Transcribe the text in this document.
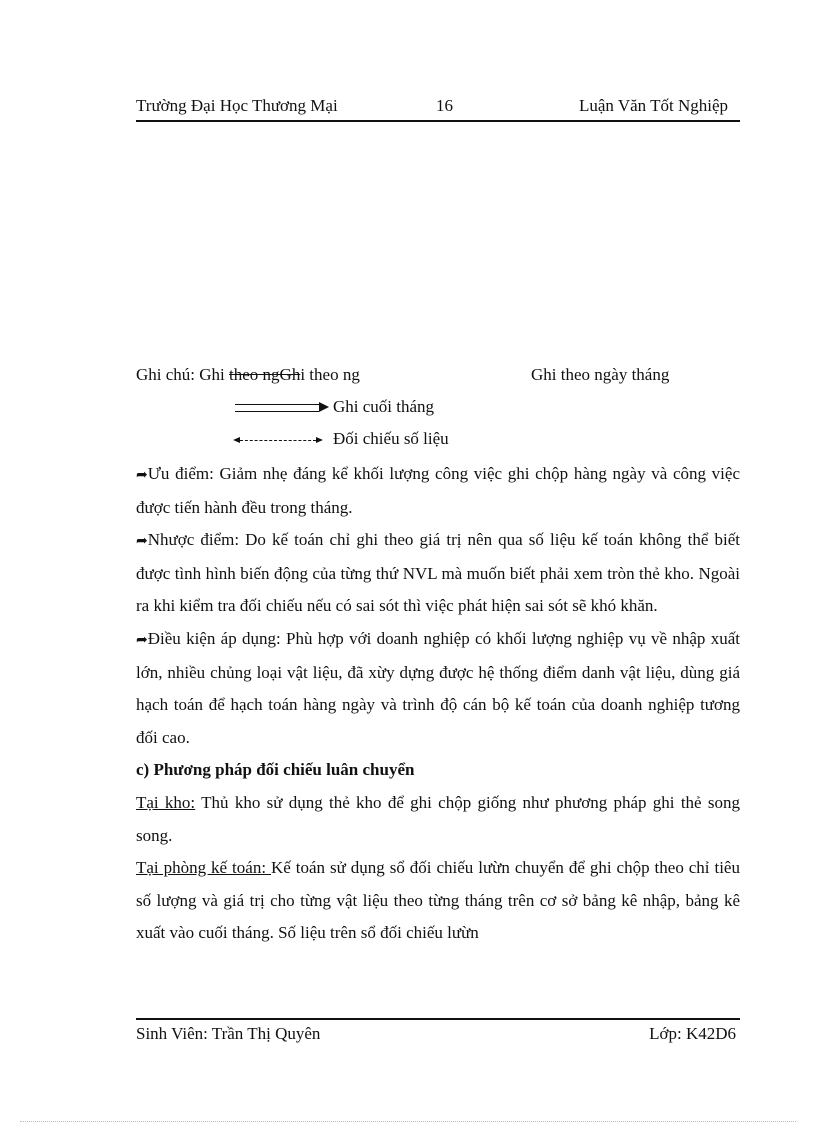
Trường Đại Học Thương Mại	16	Luận Văn Tốt Nghiệp
Ghi chú: Ghi theo ngGhi theo ng	Ghi theo ngày tháng
Ghi cuối tháng
Đối chiếu số liệu

➦Ưu điểm: Giảm nhẹ đáng kể khối lượng công việc ghi chộp hàng ngày và công việc được tiến hành đều trong tháng.

➦Nhược điểm: Do kế toán chỉ ghi theo giá trị nên qua số liệu kế toán không thể biết được tình hình biến động của từng thứ NVL mà muốn biết phải xem tròn thẻ kho. Ngoài ra khi kiểm tra đối chiếu nếu có sai sót thì việc phát hiện sai sót sẽ khó khăn.

➦Điều kiện áp dụng: Phù hợp với doanh nghiệp có khối lượng nghiệp vụ về nhập xuất lớn, nhiều chủng loại vật liệu, đã xừy dựng được hệ thống điểm danh vật liệu, dùng giá hạch toán để hạch toán hàng ngày và trình độ cán bộ kế toán của doanh nghiệp tương đối cao.

c) Phương pháp đối chiếu luân chuyển

Tại kho: Thủ kho sử dụng thẻ kho để ghi chộp giống như phương pháp ghi thẻ song song.

Tại phòng kế toán: Kế toán sử dụng sổ đối chiếu lưừn chuyển để ghi chộp theo chỉ tiêu số lượng và giá trị cho từng vật liệu theo từng tháng trên cơ sở bảng kê nhập, bảng kê xuất vào cuối tháng. Số liệu trên sổ đối chiếu lưừn

Sinh Viên: Trần Thị Quyên	Lớp: K42D6
